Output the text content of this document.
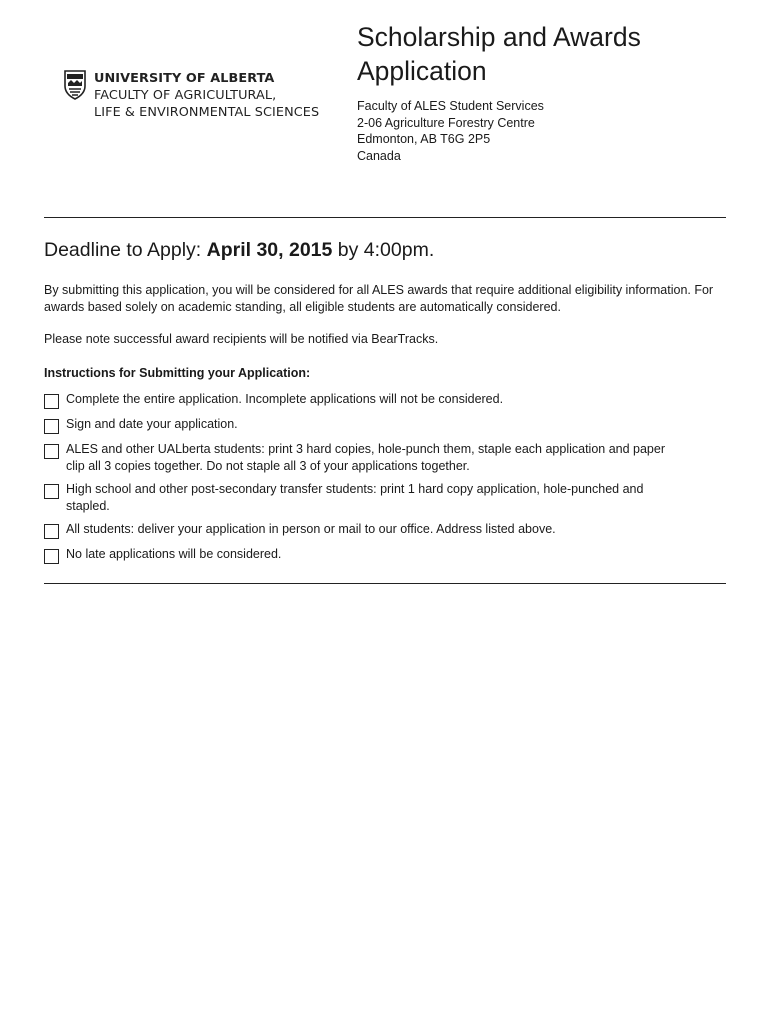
UNIVERSITY OF ALBERTA
FACULTY OF AGRICULTURAL,
LIFE & ENVIRONMENTAL SCIENCES
Scholarship and Awards Application
Faculty of ALES Student Services
2-06 Agriculture Forestry Centre
Edmonton, AB T6G 2P5
Canada
Deadline to Apply: April 30, 2015 by 4:00pm.
By submitting this application, you will be considered for all ALES awards that require additional eligibility information. For awards based solely on academic standing, all eligible students are automatically considered.
Please note successful award recipients will be notified via BearTracks.
Instructions for Submitting your Application:
Complete the entire application. Incomplete applications will not be considered.
Sign and date your application.
ALES and other UALberta students: print 3 hard copies, hole-punch them, staple each application and paper clip all 3 copies together. Do not staple all 3 of your applications together.
High school and other post-secondary transfer students: print 1 hard copy application, hole-punched and stapled.
All students: deliver your application in person or mail to our office. Address listed above.
No late applications will be considered.
